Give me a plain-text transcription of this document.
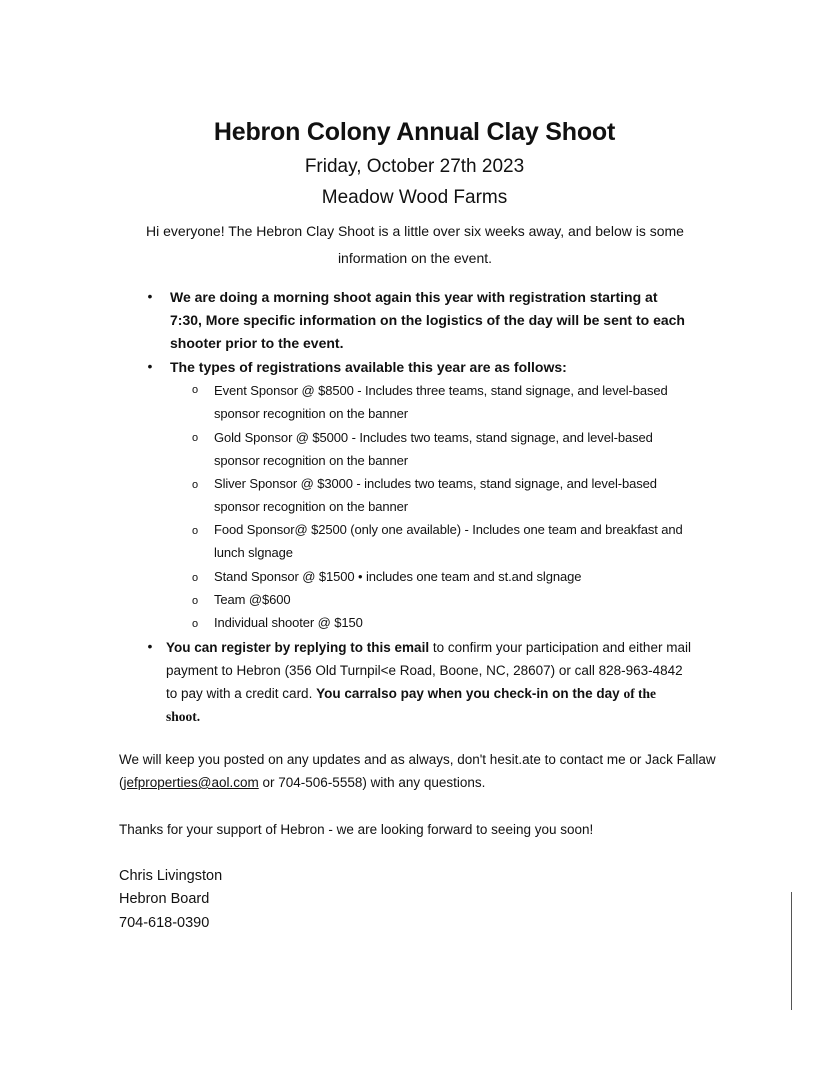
Hebron Colony Annual Clay Shoot
Friday, October 27th 2023
Meadow Wood Farms
Hi everyone! The Hebron Clay Shoot is a little over six weeks away, and below is some information on the event.
• We are doing a morning shoot again this year with registration starting at 7:30, More specific information on the logistics of the day will be sent to each shooter prior to the event.
• The types of registrations available this year are as follows:
o Event Sponsor @ $8500 - Includes three teams, stand signage, and level-based sponsor recognition on the banner
o Gold Sponsor @ $5000 - Includes two teams, stand signage, and level-based sponsor recognition on the banner
o Sliver Sponsor @ $3000 - includes two teams, stand signage, and level-based sponsor recognition on the banner
o Food Sponsor@ $2500 (only one available) - Includes one team and breakfast and lunch slgnage
o Stand Sponsor @ $1500 • includes one team and st.and slgnage
o Team @$600
o Individual shooter @ $150
• You can register by replying to this email to confirm your participation and either mail payment to Hebron (356 Old Turnpil<e Road, Boone, NC, 28607) or call 828-963-4842 to pay with a credit card. You carralso pay when you check-in on the day of the shoot.
We will keep you posted on any updates and as always, don't hesit.ate to contact me or Jack Fallaw (jefproperties@aol.com or 704-506-5558) with any questions.
Thanks for your support of Hebron - we are looking forward to seeing you soon!
Chris Livingston
Hebron Board
704-618-0390
